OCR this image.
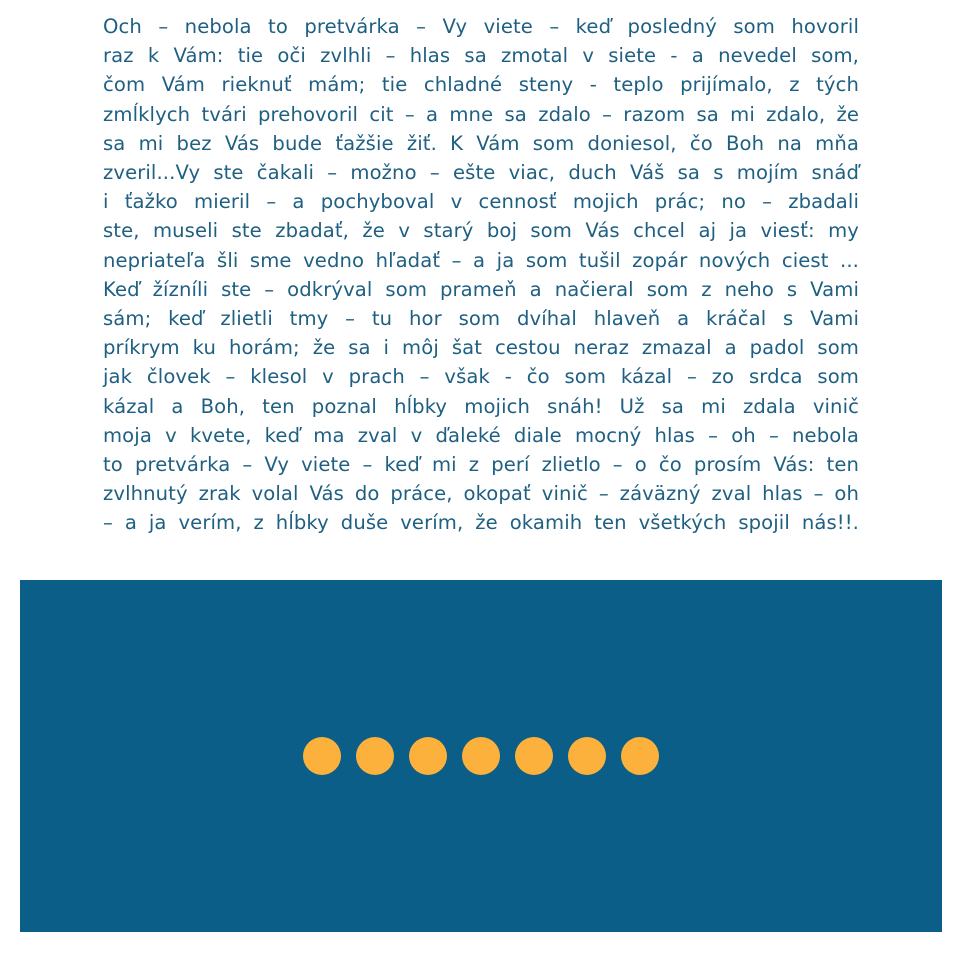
Och – nebola to pretvárka – Vy viete – keď posledný som hovoril
raz k Vám: tie oči zvlhli – hlas sa zmotal v siete - a nevedel som,
čom Vám rieknuť mám; tie chladné steny - teplo prijímalo, z tých
zmĺklych tvári prehovoril cit – a mne sa zdalo – razom sa mi zdalo, že
sa mi bez Vás bude ťažšie žiť. K Vám som doniesol, čo Boh na mňa
zveril...Vy ste čakali – možno – ešte viac, duch Váš sa s mojím snáď
i ťažko mieril – a pochyboval v cennosť mojich prác; no – zbadali
ste, museli ste zbadať, že v starý boj som Vás chcel aj ja viesť: my
nepriateľa šli sme vedno hľadať – a ja som tušil zopár nových ciest ...
Keď žízníli ste – odkrýval som prameň a načieral som z neho s Vami
sám; keď zlietli tmy – tu hor som dvíhal hlaveň a kráčal s Vami
príkrym ku horám; že sa i môj šat cestou neraz zmazal a padol som
jak človek – klesol v prach – však - čo som kázal – zo srdca som
kázal a Boh, ten poznal hĺbky mojich snáh! Už sa mi zdala vinič
moja v kvete, keď ma zval v ďaleké diale mocný hlas – oh – nebola
to pretvárka – Vy viete – keď mi z perí zlietlo – o čo prosím Vás: ten
zvlhnutý zrak volal Vás do práce, okopať vinič – záväzný zval hlas – oh
– a ja verím, z hĺbky duše verím, že okamih ten všetkých spojil nás!!.
